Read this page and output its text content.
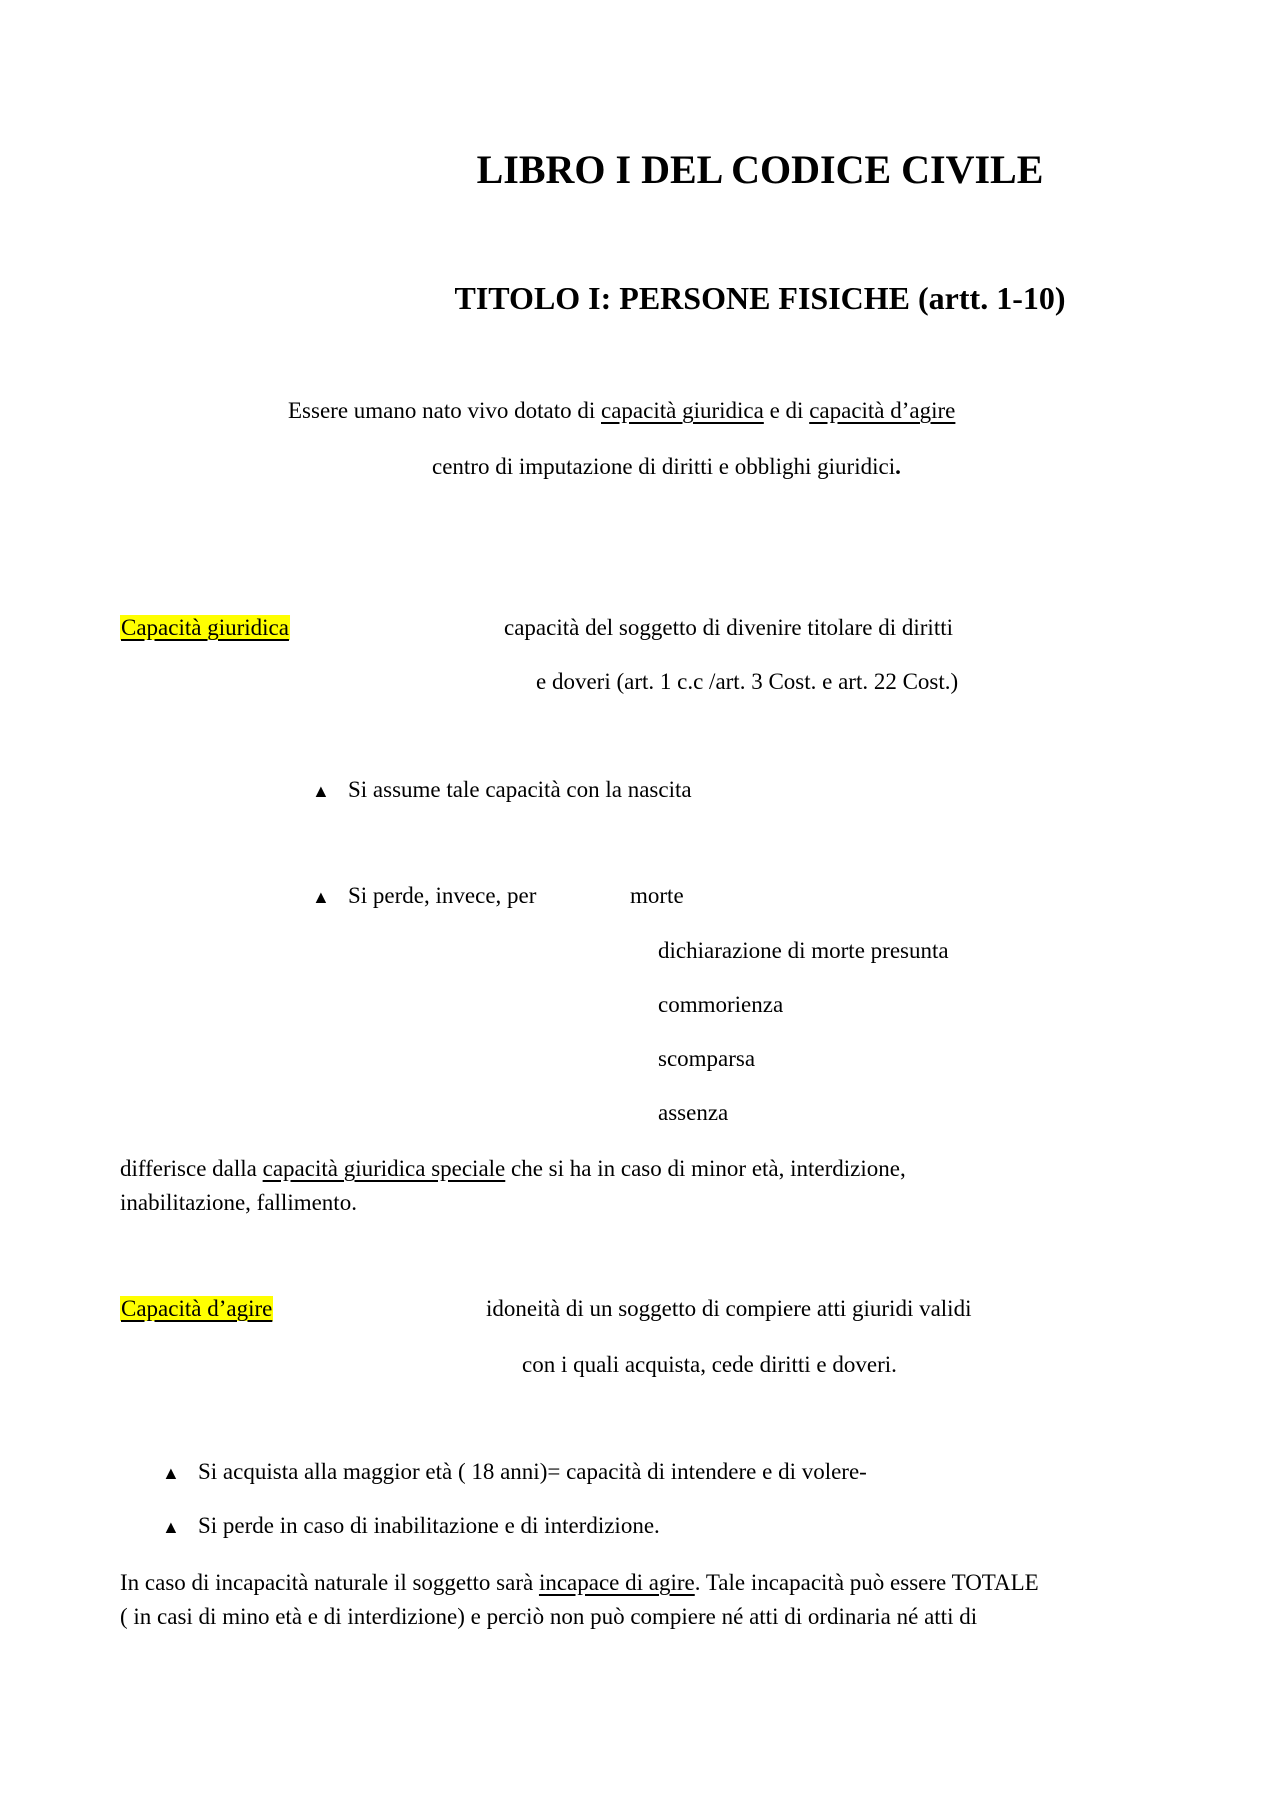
LIBRO I DEL CODICE CIVILE
TITOLO I: PERSONE FISICHE (artt. 1-10)
Essere umano nato vivo dotato di capacità giuridica e di capacità d’agire
centro di imputazione di diritti e obblighi giuridici.
Capacità giuridica	capacità del soggetto di divenire titolare di diritti
e doveri (art. 1 c.c /art. 3 Cost. e art. 22 Cost.)
▲ Si assume tale capacità con la nascita
▲ Si perde, invece, per	morte
dichiarazione di morte presunta
commorienza
scomparsa
assenza
differisce dalla capacità giuridica speciale che si ha in caso di minor età, interdizione,
inabilitazione, fallimento.
Capacità d’agire	idoneità di un soggetto di compiere atti giuridi validi
con i quali acquista, cede diritti e doveri.
▲ Si acquista alla maggior età ( 18 anni)= capacità di intendere e di volere-
▲ Si perde in caso di inabilitazione e di interdizione.
In caso di incapacità naturale il soggetto sarà incapace di agire. Tale incapacità può essere TOTALE
( in casi di mino età e di interdizione) e perciò non può compiere né atti di ordinaria né atti di
